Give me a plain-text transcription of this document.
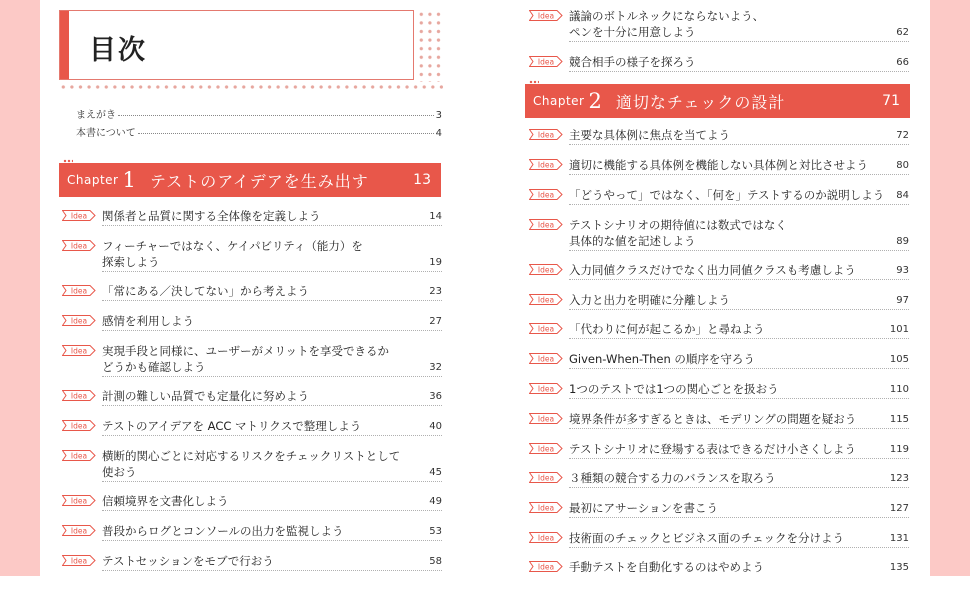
目次
まえがき	3
本書について	4
Chapter 1 テストのアイデアを生み出す	13
Idea 関係者と品質に関する全体像を定義しよう	14
Idea フィーチャーではなく、ケイパビリティ（能力）を
探索しよう	19
Idea 「常にある／決してない」から考えよう	23
Idea 感情を利用しよう	27
Idea 実現手段と同様に、ユーザーがメリットを享受できるか
どうかも確認しよう	32
Idea 計測の難しい品質でも定量化に努めよう	36
Idea テストのアイデアを ACC マトリクスで整理しよう	40
Idea 横断的関心ごとに対応するリスクをチェックリストとして
使おう	45
Idea 信頼境界を文書化しよう	49
Idea 普段からログとコンソールの出力を監視しよう	53
Idea テストセッションをモブで行おう	58
Idea 議論のボトルネックにならないよう、
ペンを十分に用意しよう	62
Idea 競合相手の様子を探ろう	66
Chapter 2 適切なチェックの設計	71
Idea 主要な具体例に焦点を当てよう	72
Idea 適切に機能する具体例を機能しない具体例と対比させよう	80
Idea 「どうやって」ではなく、「何を」テストするのか説明しよう 84
Idea テストシナリオの期待値には数式ではなく
具体的な値を記述しよう	89
Idea 入力同値クラスだけでなく出力同値クラスも考慮しよう	93
Idea 入力と出力を明確に分離しよう	97
Idea 「代わりに何が起こるか」と尋ねよう	101
Idea Given-When-Then の順序を守ろう	105
Idea 1つのテストでは1つの関心ごとを扱おう	110
Idea 境界条件が多すぎるときは、モデリングの問題を疑おう	115
Idea テストシナリオに登場する表はできるだけ小さくしよう	119
Idea ３種類の競合する力のバランスを取ろう	123
Idea 最初にアサーションを書こう	127
Idea 技術面のチェックとビジネス面のチェックを分けよう	131
Idea 手動テストを自動化するのはやめよう	135
